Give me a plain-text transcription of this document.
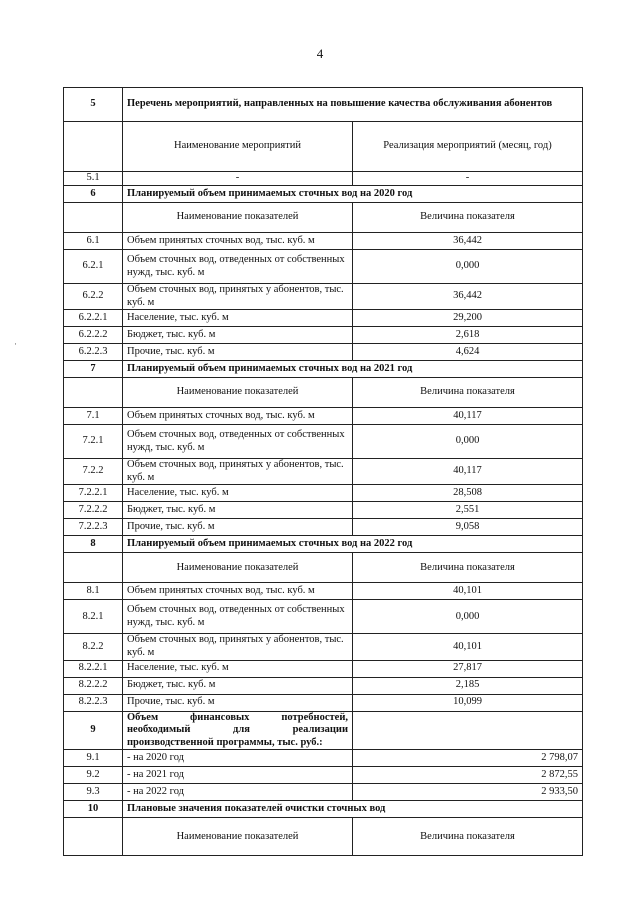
4
·
5	Перечень мероприятий, направленных на повышение качества обслуживания абонентов	
	Наименование мероприятий	Реализация мероприятий (месяц, год)
5.1	-	-
6	Планируемый объем принимаемых сточных вод на 2020 год	
	Наименование показателей	Величина показателя
6.1	Объем принятых сточных вод, тыс. куб. м	36,442
6.2.1	Объем сточных вод, отведенных от собственных нужд, тыс. куб. м	0,000
6.2.2	Объем сточных вод, принятых у абонентов, тыс. куб. м	36,442
6.2.2.1	Население, тыс. куб. м	29,200
6.2.2.2	Бюджет, тыс. куб. м	2,618
6.2.2.3	Прочие, тыс. куб. м	4,624
7	Планируемый объем принимаемых сточных вод на 2021 год	
	Наименование показателей	Величина показателя
7.1	Объем принятых сточных вод, тыс. куб. м	40,117
7.2.1	Объем сточных вод, отведенных от собственных нужд, тыс. куб. м	0,000
7.2.2	Объем сточных вод, принятых у абонентов, тыс. куб. м	40,117
7.2.2.1	Население, тыс. куб. м	28,508
7.2.2.2	Бюджет, тыс. куб. м	2,551
7.2.2.3	Прочие, тыс. куб. м	9,058
8	Планируемый объем принимаемых сточных вод на 2022 год	
	Наименование показателей	Величина показателя
8.1	Объем принятых сточных вод, тыс. куб. м	40,101
8.2.1	Объем сточных вод, отведенных от собственных нужд, тыс. куб. м	0,000
8.2.2	Объем сточных вод, принятых у абонентов, тыс. куб. м	40,101
8.2.2.1	Население, тыс. куб. м	27,817
8.2.2.2	Бюджет, тыс. куб. м	2,185
8.2.2.3	Прочие, тыс. куб. м	10,099
9	Объем финансовых потребностей, необходимый для реализации производственной программы, тыс. руб.:	
9.1	- на 2020 год	2 798,07
9.2	- на 2021 год	2 872,55
9.3	- на 2022 год	2 933,50
10	Плановые значения показателей очистки сточных вод	
	Наименование показателей	Величина показателя
